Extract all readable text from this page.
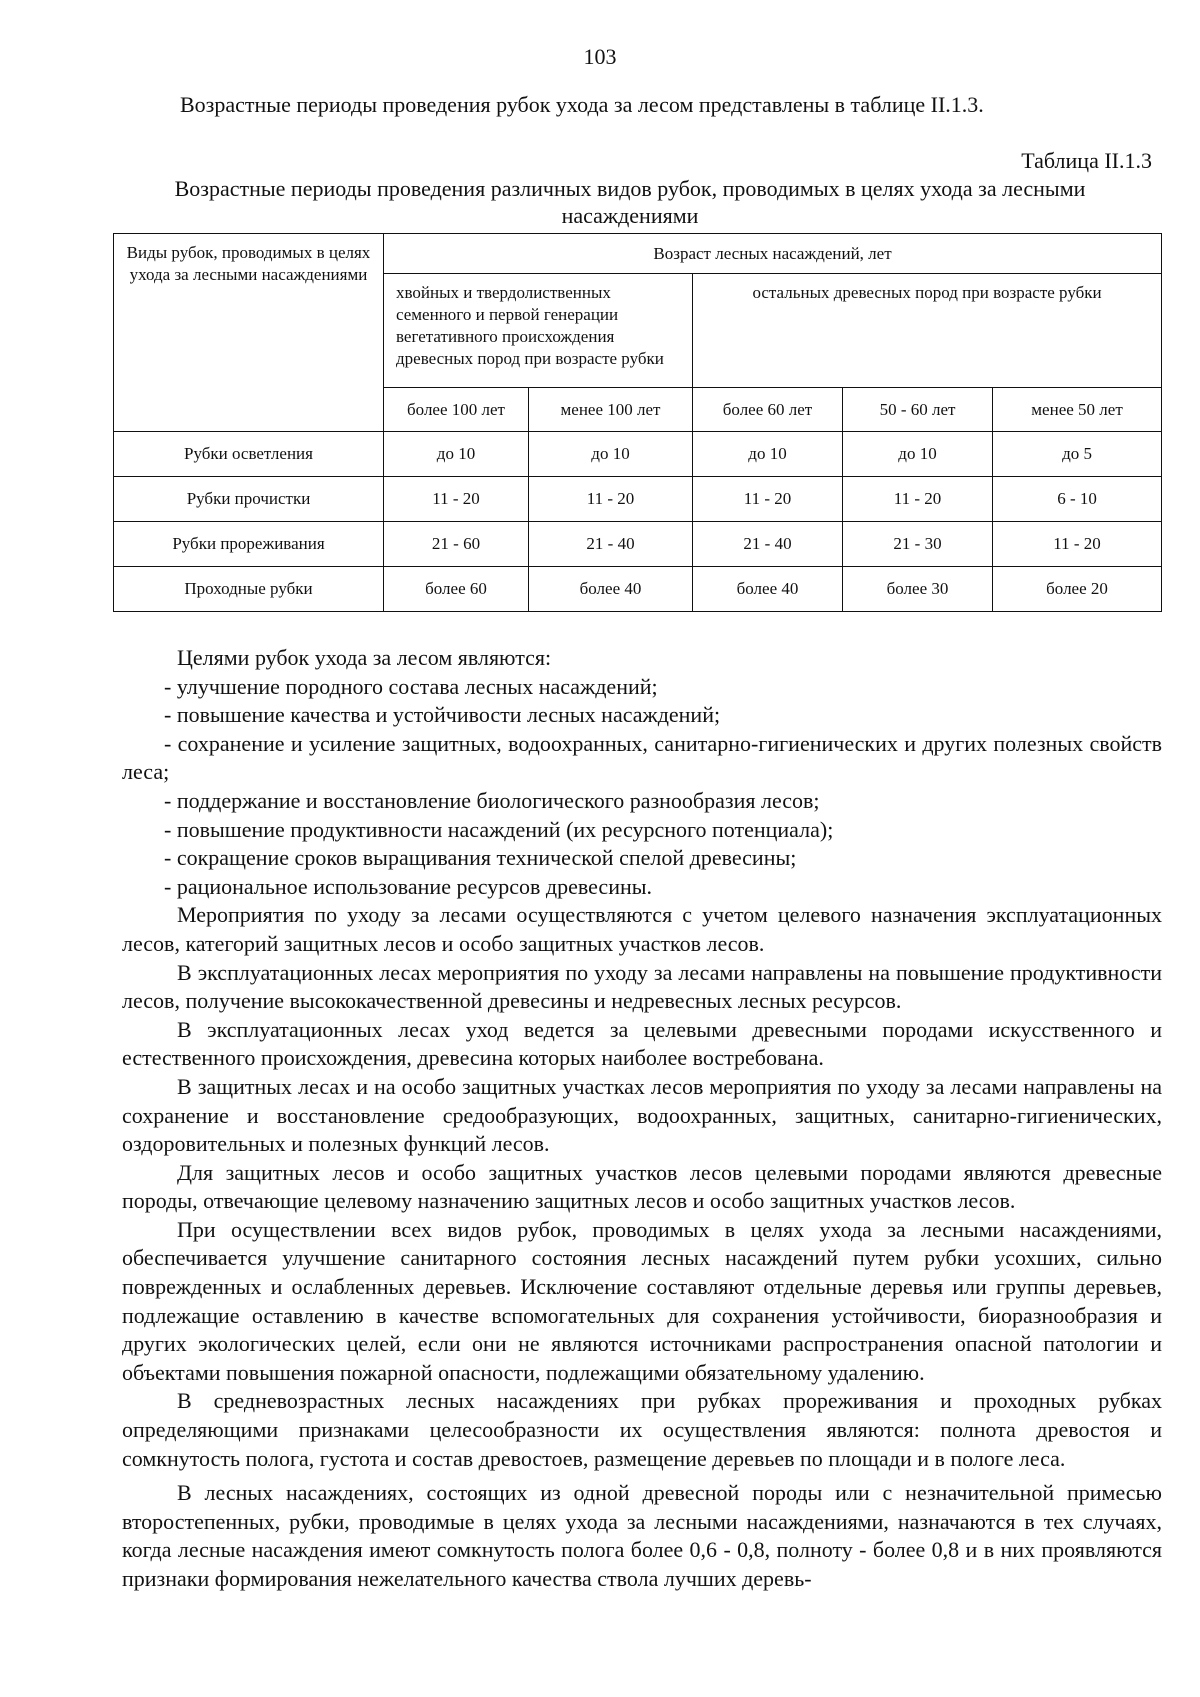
103
Возрастные периоды проведения рубок ухода за лесом представлены в таблице II.1.3.
Таблица II.1.3
Возрастные периоды проведения различных видов рубок, проводимых в целях ухода за лесными насаждениями
Виды рубок, проводимых в целях ухода за лесными насаждениями	Возраст лесных насаждений, лет				
	хвойных и твердолиственных семенного и первой генерации вегетативного происхождения древесных пород при возрасте рубки		остальных древесных пород при возрасте рубки		
	более 100 лет	менее 100 лет	более 60 лет	50 - 60 лет	менее 50 лет
Рубки осветления	до 10	до 10	до 10	до 10	до 5
Рубки прочистки	11 - 20	11 - 20	11 - 20	11 - 20	6 - 10
Рубки прореживания	21 - 60	21 - 40	21 - 40	21 - 30	11 - 20
Проходные рубки	более 60	более 40	более 40	более 30	более 20

Целями рубок ухода за лесом являются:

- улучшение породного состава лесных насаждений;

- повышение качества и устойчивости лесных насаждений;

- сохранение и усиление защитных, водоохранных, санитарно-гигиенических и других полезных свойств леса;

- поддержание и восстановление биологического разнообразия лесов;

- повышение продуктивности насаждений (их ресурсного потенциала);

- сокращение сроков выращивания технической спелой древесины;

- рациональное использование ресурсов древесины.

Мероприятия по уходу за лесами осуществляются с учетом целевого назначения эксплуатационных лесов, категорий защитных лесов и особо защитных участков лесов.

В эксплуатационных лесах мероприятия по уходу за лесами направлены на повышение продуктивности лесов, получение высококачественной древесины и недревесных лесных ресурсов.

В эксплуатационных лесах уход ведется за целевыми древесными породами искусственного и естественного происхождения, древесина которых наиболее востребована.

В защитных лесах и на особо защитных участках лесов мероприятия по уходу за лесами направлены на сохранение и восстановление средообразующих, водоохранных, защитных, санитарно-гигиенических, оздоровительных и полезных функций лесов.

Для защитных лесов и особо защитных участков лесов целевыми породами являются древесные породы, отвечающие целевому назначению защитных лесов и особо защитных участков лесов.

При осуществлении всех видов рубок, проводимых в целях ухода за лесными насаждениями, обеспечивается улучшение санитарного состояния лесных насаждений путем рубки усохших, сильно поврежденных и ослабленных деревьев. Исключение составляют отдельные деревья или группы деревьев, подлежащие оставлению в качестве вспомогательных для сохранения устойчивости, биоразнообразия и других экологических целей, если они не являются источниками распространения опасной патологии и объектами повышения пожарной опасности, подлежащими обязательному удалению.

В средневозрастных лесных насаждениях при рубках прореживания и проходных рубках определяющими признаками целесообразности их осуществления являются: полнота древостоя и сомкнутость полога, густота и состав древостоев, размещение деревьев по площади и в пологе леса.

В лесных насаждениях, состоящих из одной древесной породы или с незначительной примесью второстепенных, рубки, проводимые в целях ухода за лесными насаждениями, назначаются в тех случаях, когда лесные насаждения имеют сомкнутость полога более 0,6 - 0,8, полноту - более 0,8 и в них проявляются признаки формирования нежелательного качества ствола лучших деревь-
